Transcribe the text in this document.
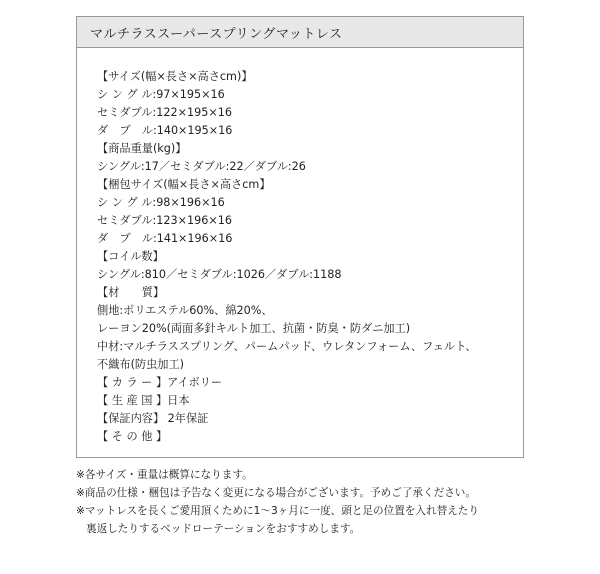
マルチラススーパースプリングマットレス
【サイズ(幅×長さ×高さcm)】
シ ン グ ル:97×195×16
セミダブル:122×195×16
ダ　ブ　ル:140×195×16
【商品重量(kg)】
シングル:17／セミダブル:22／ダブル:26
【梱包サイズ(幅×長さ×高さcm】
シ ン グ ル:98×196×16
セミダブル:123×196×16
ダ　ブ　ル:141×196×16
【コイル数】
シングル:810／セミダブル:1026／ダブル:1188
【材　　質】
側地:ポリエステル60%、綿20%、
レーヨン20%(両面多針キルト加工、抗菌・防臭・防ダニ加工)
中材:マルチラススプリング、パームパッド、ウレタンフォーム、フェルト、
不織布(防虫加工)
【 カ ラ ー 】アイボリー
【 生 産 国 】日本
【保証内容】 2年保証
【 そ の 他 】
※各サイズ・重量は概算になります。
※商品の仕様・梱包は予告なく変更になる場合がございます。予めご了承ください。
※マットレスを長くご愛用頂くために1～3ヶ月に一度、頭と足の位置を入れ替えたり
裏返したりするベッドローテーションをおすすめします。
